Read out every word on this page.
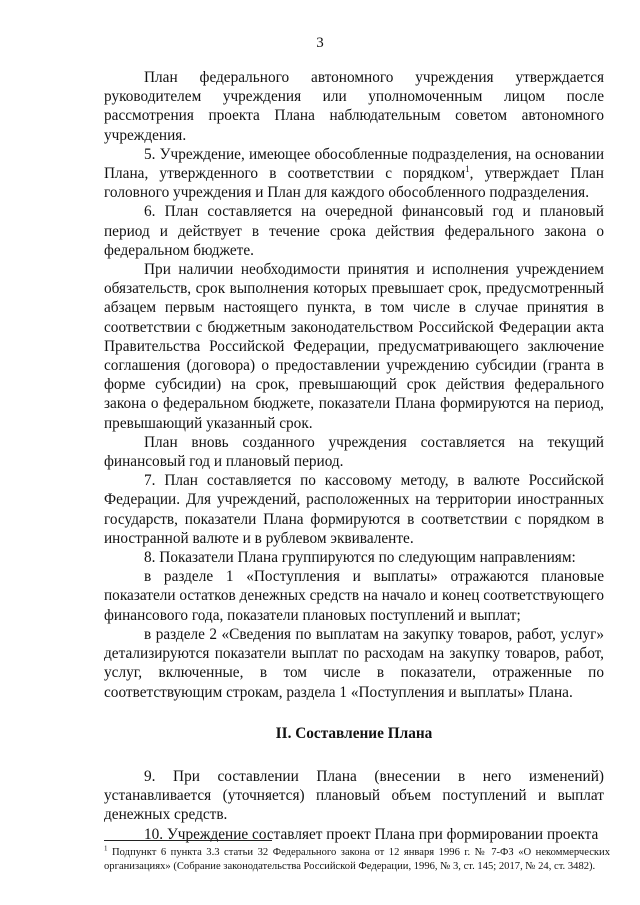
3

План федерального автономного учреждения утверждается руководителем учреждения или уполномоченным лицом после рассмотрения проекта Плана наблюдательным советом автономного учреждения.

5. Учреждение, имеющее обособленные подразделения, на основании Плана, утвержденного в соответствии с порядком$^1$, утверждает План головного учреждения и План для каждого обособленного подразделения.

6. План составляется на очередной финансовый год и плановый период и действует в течение срока действия федерального закона о федеральном бюджете.

При наличии необходимости принятия и исполнения учреждением обязательств, срок выполнения которых превышает срок, предусмотренный абзацем первым настоящего пункта, в том числе в случае принятия в соответствии с бюджетным законодательством Российской Федерации акта Правительства Российской Федерации, предусматривающего заключение соглашения (договора) о предоставлении учреждению субсидии (гранта в форме субсидии) на срок, превышающий срок действия федерального закона о федеральном бюджете, показатели Плана формируются на период, превышающий указанный срок.

План вновь созданного учреждения составляется на текущий финансовый год и плановый период.

7. План составляется по кассовому методу, в валюте Российской Федерации. Для учреждений, расположенных на территории иностранных государств, показатели Плана формируются в соответствии с порядком в иностранной валюте и в рублевом эквиваленте.

8. Показатели Плана группируются по следующим направлениям:

в разделе 1 «Поступления и выплаты» отражаются плановые показатели остатков денежных средств на начало и конец соответствующего финансового года, показатели плановых поступлений и выплат;

в разделе 2 «Сведения по выплатам на закупку товаров, работ, услуг» детализируются показатели выплат по расходам на закупку товаров, работ, услуг, включенные, в том числе в показатели, отраженные по соответствующим строкам, раздела 1 «Поступления и выплаты» Плана.

II. Составление Плана

9. При составлении Плана (внесении в него изменений) устанавливается (уточняется) плановый объем поступлений и выплат денежных средств.

10. Учреждение составляет проект Плана при формировании проекта

$^1$ Подпункт 6 пункта 3.3 статьи 32 Федерального закона от 12 января 1996 г. № 7-ФЗ «О некоммерческих организациях» (Собрание законодательства Российской Федерации, 1996, № 3, ст. 145; 2017, № 24, ст. 3482).
